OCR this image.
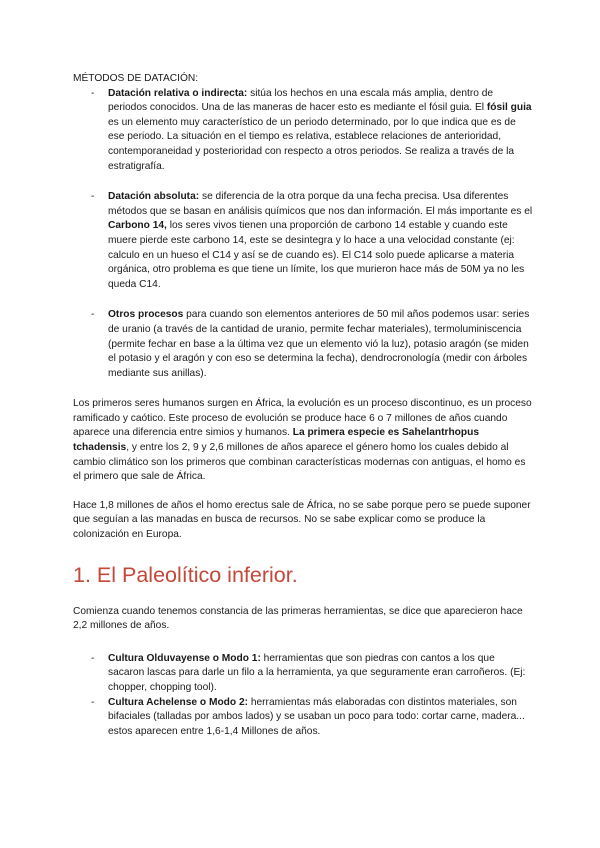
MÉTODOS DE DATACIÓN:

- Datación relativa o indirecta: sitúa los hechos en una escala más amplia, dentro de periodos conocidos. Una de las maneras de hacer esto es mediante el fósil guia. El fósil guia es un elemento muy característico de un periodo determinado, por lo que indica que es de ese periodo. La situación en el tiempo es relativa, establece relaciones de anterioridad, contemporaneidad y posterioridad con respecto a otros periodos. Se realiza a través de la estratigrafía.
- Datación absoluta: se diferencia de la otra porque da una fecha precisa. Usa diferentes métodos que se basan en análisis químicos que nos dan información. El más importante es el Carbono 14, los seres vivos tienen una proporción de carbono 14 estable y cuando este muere pierde este carbono 14, este se desintegra y lo hace a una velocidad constante (ej: calculo en un hueso el C14 y así se de cuando es). El C14 solo puede aplicarse a materia orgánica, otro problema es que tiene un límite, los que murieron hace más de 50M ya no les queda C14.
- Otros procesos para cuando son elementos anteriores de 50 mil años podemos usar: series de uranio (a través de la cantidad de uranio, permite fechar materiales), termoluminiscencia (permite fechar en base a la última vez que un elemento vió la luz), potasio aragón (se miden el potasio y el aragón y con eso se determina la fecha), dendrocronología (medir con árboles mediante sus anillas).

Los primeros seres humanos surgen en África, la evolución es un proceso discontinuo, es un proceso ramificado y caótico. Este proceso de evolución se produce hace 6 o 7 millones de años cuando aparece una diferencia entre simios y humanos. La primera especie es Sahelantrhopus tchadensis, y entre los 2, 9 y 2,6 millones de años aparece el género homo los cuales debido al cambio climático son los primeros que combinan características modernas con antiguas, el homo es el primero que sale de África.

Hace 1,8 millones de años el homo erectus sale de África, no se sabe porque pero se puede suponer que seguían a las manadas en busca de recursos. No se sabe explicar como se produce la colonización en Europa.

1. El Paleolítico inferior.

Comienza cuando tenemos constancia de las primeras herramientas, se dice que aparecieron hace 2,2 millones de años.

- Cultura Olduvayense o Modo 1: herramientas que son piedras con cantos a los que sacaron lascas para darle un filo a la herramienta, ya que seguramente eran carroñeros. (Ej: chopper, chopping tool).
- Cultura Achelense o Modo 2: herramientas más elaboradas con distintos materiales, son bifaciales (talladas por ambos lados) y se usaban un poco para todo: cortar carne, madera... estos aparecen entre 1,6-1,4 Millones de años.
